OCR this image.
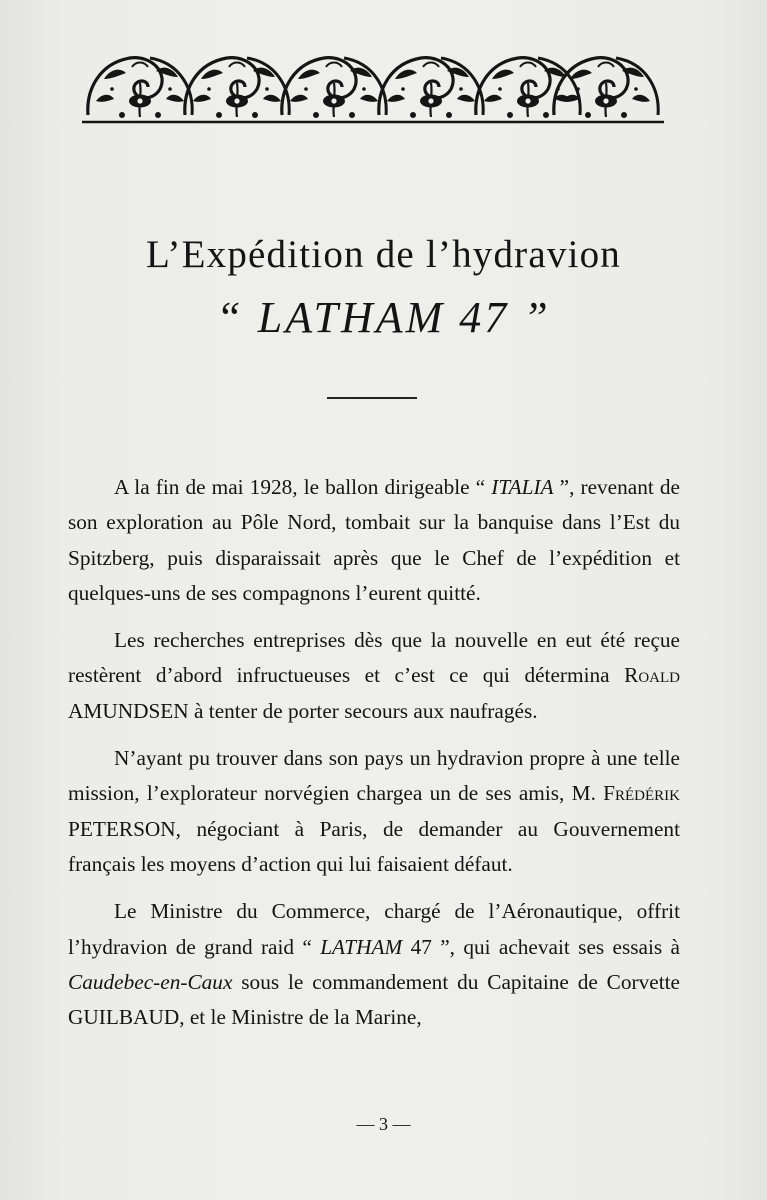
L’Expédition de l’hydravion
“ LATHAM 47 ”

A la fin de mai 1928, le ballon dirigeable “ ITALIA ”, revenant de son exploration au Pôle Nord, tombait sur la banquise dans l’Est du Spitzberg, puis disparaissait après que le Chef de l’expédition et quelques-uns de ses compagnons l’eurent quitté.

Les recherches entreprises dès que la nouvelle en eut été reçue restèrent d’abord infructueuses et c’est ce qui détermina Roald AMUNDSEN à tenter de porter secours aux naufragés.

N’ayant pu trouver dans son pays un hydravion propre à une telle mission, l’explorateur norvégien chargea un de ses amis, M. Frédérik PETERSON, négociant à Paris, de demander au Gouvernement français les moyens d’action qui lui faisaient défaut.

Le Ministre du Commerce, chargé de l’Aéronautique, offrit l’hydravion de grand raid “ LATHAM 47 ”, qui achevait ses essais à Caudebec-en-Caux sous le commandement du Capitaine de Corvette GUILBAUD, et le Ministre de la Marine,

— 3 —
